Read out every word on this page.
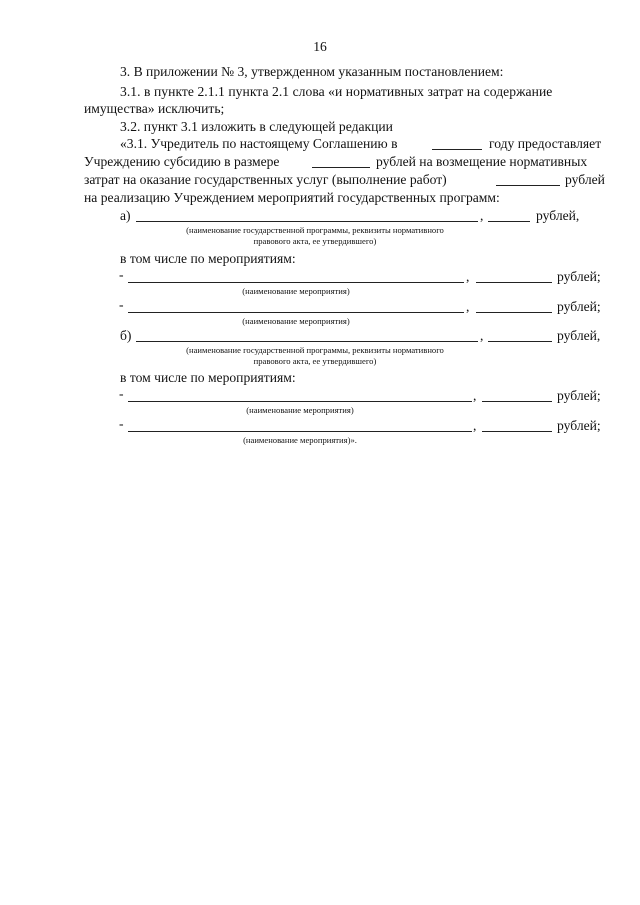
16
3. В приложении № 3, утвержденном указанным постановлением:
3.1. в пункте 2.1.1 пункта 2.1 слова «и нормативных затрат на содержание
имущества» исключить;
3.2. пункт 3.1 изложить в следующей редакции
«3.1. Учредитель по настоящему Соглашению в	году предоставляет
Учреждению субсидию в размере	рублей на возмещение нормативных
затрат на оказание государственных услуг (выполнение работ)	рублей
на реализацию Учреждением мероприятий государственных программ:
а)	,	рублей,
(наименование государственной программы, реквизиты нормативного
правового акта, ее утвердившего)
в том числе по мероприятиям:
-	,	рублей;
(наименование мероприятия)
-	,	рублей;
(наименование мероприятия)
б)	,	рублей,
(наименование государственной программы, реквизиты нормативного
правового акта, ее утвердившего)
в том числе по мероприятиям:
-	,	рублей;
(наименование мероприятия)
-	,	рублей;
(наименование мероприятия)».
